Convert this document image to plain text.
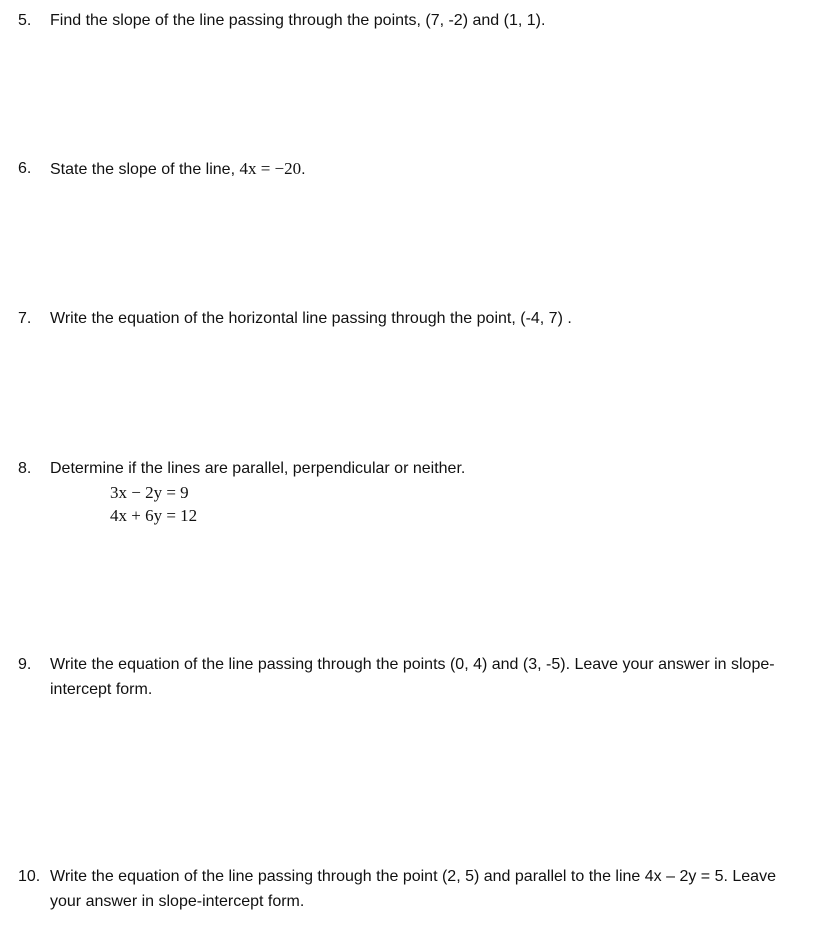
5.	Find the slope of the line passing through the points, (7, -2) and (1, 1).
6.	State the slope of the line, 4x = −20.
7.	Write the equation of the horizontal line passing through the point, (-4, 7) .
8.	Determine if the lines are parallel, perpendicular or neither.
3x − 2y = 9
4x + 6y = 12
9.	Write the equation of the line passing through the points (0, 4) and (3, -5). Leave your answer in slope-intercept form.
10. Write the equation of the line passing through the point (2, 5) and parallel to the line 4x – 2y = 5. Leave your answer in slope-intercept form.
